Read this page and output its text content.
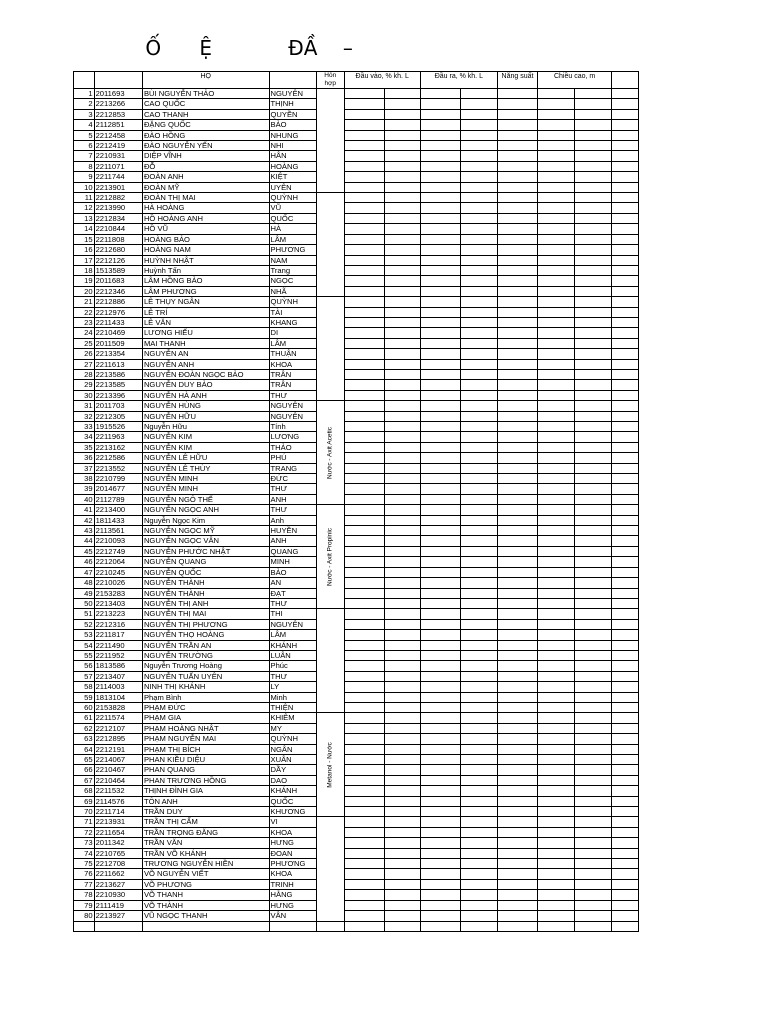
Ố      Ệ            ĐẦ    –
		HỌ		Hỗn hợp	Đầu vào, % kh. L		Đầu ra, % kh. L		Năng suất	Chiều cao, m		
1	2011693	BÙI NGUYỄN THẢO	NGUYÊN	

2	2213266	CAO QUỐC	THỊNH									
3	2212853	CAO THANH	QUYỀN									
4	2112851	ĐẶNG QUỐC	BẢO									
5	2212458	ĐÀO HỒNG	NHUNG									
6	2212419	ĐÀO NGUYỄN YẾN	NHI									
7	2210931	DIỆP VĨNH	HÂN									
8	2211071	ĐỖ	HOÀNG									
9	2211744	ĐOÀN ANH	KIỆT									
10	2213901	ĐOÀN MỸ	UYÊN									
11	2212882	ĐOÀN THỊ MAI	QUỲNH	

12	2213990	HÀ HOÀNG	VŨ									
13	2212834	HỒ HOÀNG ANH	QUỐC									
14	2210844	HỒ VŨ	HÀ									
15	2211808	HOÀNG BẢO	LÂM									
16	2212680	HOÀNG NAM	PHƯƠNG									
17	2212126	HUỲNH NHẬT	NAM									
18	1513589	Huỳnh Tấn	Trang									
19	2011683	LÂM HỒNG BẢO	NGỌC									
20	2212346	LÂM PHƯƠNG	NHÃ									
21	2212886	LÊ THỤY NGÂN	QUỲNH	

22	2212976	LÊ TRÍ	TÀI									
23	2211433	LÊ VĂN	KHANG									
24	2210469	LƯƠNG HIẾU	DI									
25	2011509	MAI THANH	LÂM									
26	2213354	NGUYỄN AN	THUẬN									
27	2211613	NGUYỄN ANH	KHOA									
28	2213586	NGUYỄN ĐOÀN NGỌC BẢO	TRÂN									
29	2213585	NGUYỄN DUY BẢO	TRÂN									
30	2213396	NGUYỄN HÀ ANH	THƯ									
31	2011703	NGUYỄN HÙNG	NGUYÊN	Nước - Axit Acetic								

32	2212305	NGUYỄN HỮU	NGUYÊN									
33	1915526	Nguyễn Hữu	Tính									
34	2211963	NGUYỄN KIM	LƯƠNG									
35	2213162	NGUYỄN KIM	THẢO									
36	2212586	NGUYỄN LÊ HỮU	PHÚ									
37	2213552	NGUYỄN LÊ THÙY	TRANG									
38	2210799	NGUYỄN MINH	ĐỨC									
39	2014677	NGUYỄN MINH	THƯ									
40	2112789	NGUYỄN NGÔ THẾ	ANH									
41	2213400	NGUYỄN NGỌC ANH	THƯ	Nước - Axit Propinic								

42	1811433	Nguyễn Ngọc Kim	Anh									
43	2113561	NGUYỄN NGỌC MỸ	HUYỀN									
44	2210093	NGUYỄN NGỌC VÂN	ANH									
45	2212749	NGUYỄN PHƯỚC NHẬT	QUANG									
46	2212064	NGUYỄN QUANG	MINH									
47	2210245	NGUYỄN QUỐC	BẢO									
48	2210026	NGUYỄN THÀNH	AN									
49	2153283	NGUYỄN THÀNH	ĐẠT									
50	2213403	NGUYỄN THỊ ANH	THƯ									
51	2213223	NGUYỄN THỊ MAI	THI	

52	2212316	NGUYỄN THỊ PHƯƠNG	NGUYÊN									
53	2211817	NGUYỄN THỌ HOÀNG	LÂM									
54	2211490	NGUYỄN TRẦN AN	KHÁNH									
55	2211952	NGUYỄN TRƯỜNG	LUÂN									
56	1813586	Nguyễn Trương Hoàng	Phúc									
57	2213407	NGUYỄN TUẤN UYÊN	THƯ									
58	2114003	NINH THỊ KHÁNH	LY									
59	1813104	Phạm Bình	Minh									
60	2153828	PHẠM ĐỨC	THIỆN									
61	2211574	PHẠM GIA	KHIÊM	Metanol - Nước								

62	2212107	PHẠM HOÀNG NHẬT	MY									
63	2212895	PHẠM NGUYỄN MAI	QUỲNH									
64	2212191	PHẠM THỊ BÍCH	NGÂN									
65	2214067	PHAN KIỀU DIỆU	XUÂN									
66	2210467	PHAN QUANG	DẦY									
67	2210464	PHAN TRƯƠNG HỒNG	DAO									
68	2211532	THỊNH ĐÌNH GIA	KHÁNH									
69	2114576	TÔN ANH	QUỐC									
70	2211714	TRẦN DUY	KHƯƠNG									
71	2213931	TRẦN THỊ CẨM	VI	

72	2211654	TRẦN TRỌNG ĐĂNG	KHOA									
73	2011342	TRẦN VĂN	HƯNG									
74	2210765	TRẦN VÕ KHÁNH	ĐOAN									
75	2212708	TRƯƠNG NGUYỄN HIỀN	PHƯƠNG									
76	2211662	VÕ NGUYỄN VIẾT	KHOA									
77	2213627	VÕ PHƯƠNG	TRINH									
78	2210930	VÕ THANH	HẰNG									
79	2111419	VÕ THÀNH	HƯNG									
80	2213927	VŨ NGỌC THANH	VÂN									
